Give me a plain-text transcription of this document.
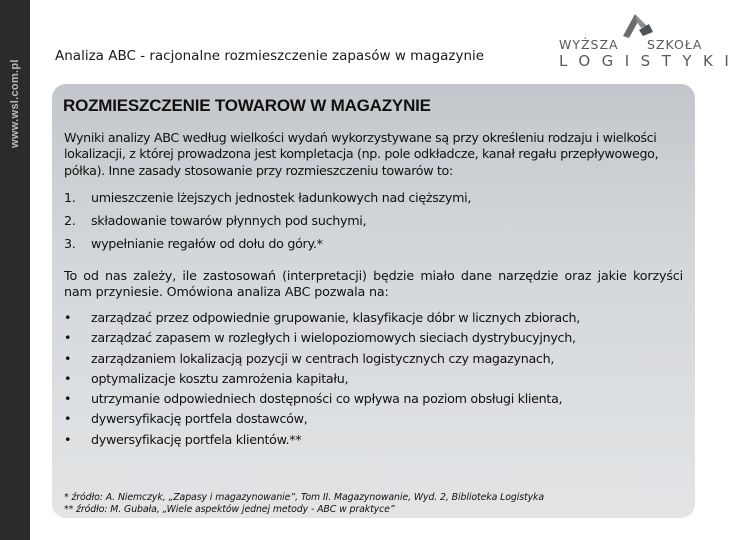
www.wsl.com.pl
Analiza ABC - racjonalne rozmieszczenie zapasów w magazynie
WYŻSZA SZKOŁA
LOGISTYKI
ROZMIESZCZENIE TOWAROW W MAGAZYNIE
Wyniki analizy ABC według wielkości wydań wykorzystywane są przy określeniu rodzaju i wielkości lokalizacji, z której prowadzona jest kompletacja (np. pole odkładcze, kanał regału przepływowego, półka). Inne zasady stosowanie przy rozmieszczeniu towarów to:
1. umieszczenie lżejszych jednostek ładunkowych nad cięższymi,
2. składowanie towarów płynnych pod suchymi,
3. wypełnianie regałów od dołu do góry.*
To od nas zależy, ile zastosowań (interpretacji) będzie miało dane narzędzie oraz jakie korzyści nam przyniesie. Omówiona analiza ABC pozwala na:
• zarządzać przez odpowiednie grupowanie, klasyfikacje dóbr w licznych zbiorach,
• zarządzać zapasem w rozległych i wielopoziomowych sieciach dystrybucyjnych,
• zarządzaniem lokalizacją pozycji w centrach logistycznych czy magazynach,
• optymalizacje kosztu zamrożenia kapitału,
• utrzymanie odpowiedniech dostępności co wpływa na poziom obsługi klienta,
• dywersyfikację portfela dostawców,
• dywersyfikację portfela klientów.**
* źródło: A. Niemczyk, „Zapasy i magazynowanie”, Tom II. Magazynowanie, Wyd. 2, Biblioteka Logistyka
** źródło: M. Gubała, „Wiele aspektów jednej metody - ABC w praktyce”
